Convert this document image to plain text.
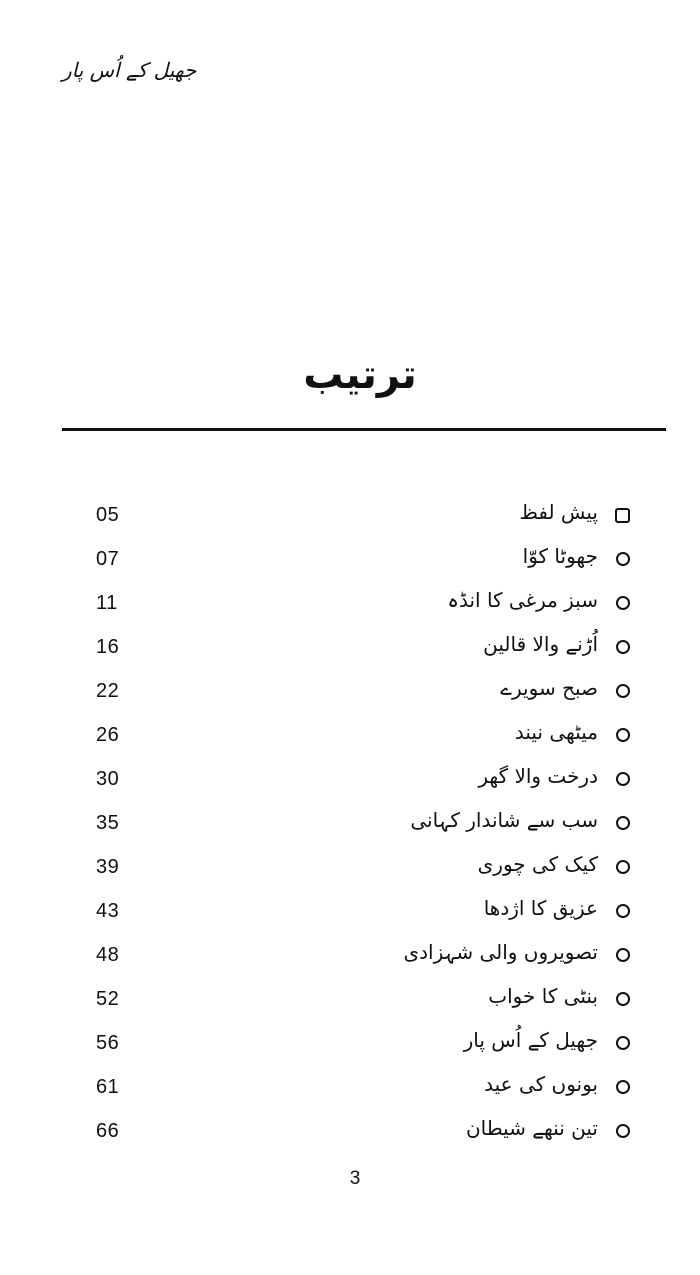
جھیل کے اُس پار
ترتیب
05	پیش لفظ
07	جھوٹا کوّا
11	سبز مرغی کا انڈہ
16	اُڑنے والا قالین
22	صبح سویرے
26	میٹھی نیند
30	درخت والا گھر
35	سب سے شاندار کہانی
39	کیک کی چوری
43	عزیق کا اژدھا
48	تصویروں والی شہزادی
52	بنٹی کا خواب
56	جھیل کے اُس پار
61	بونوں کی عید
66	تین ننھے شیطان
3
